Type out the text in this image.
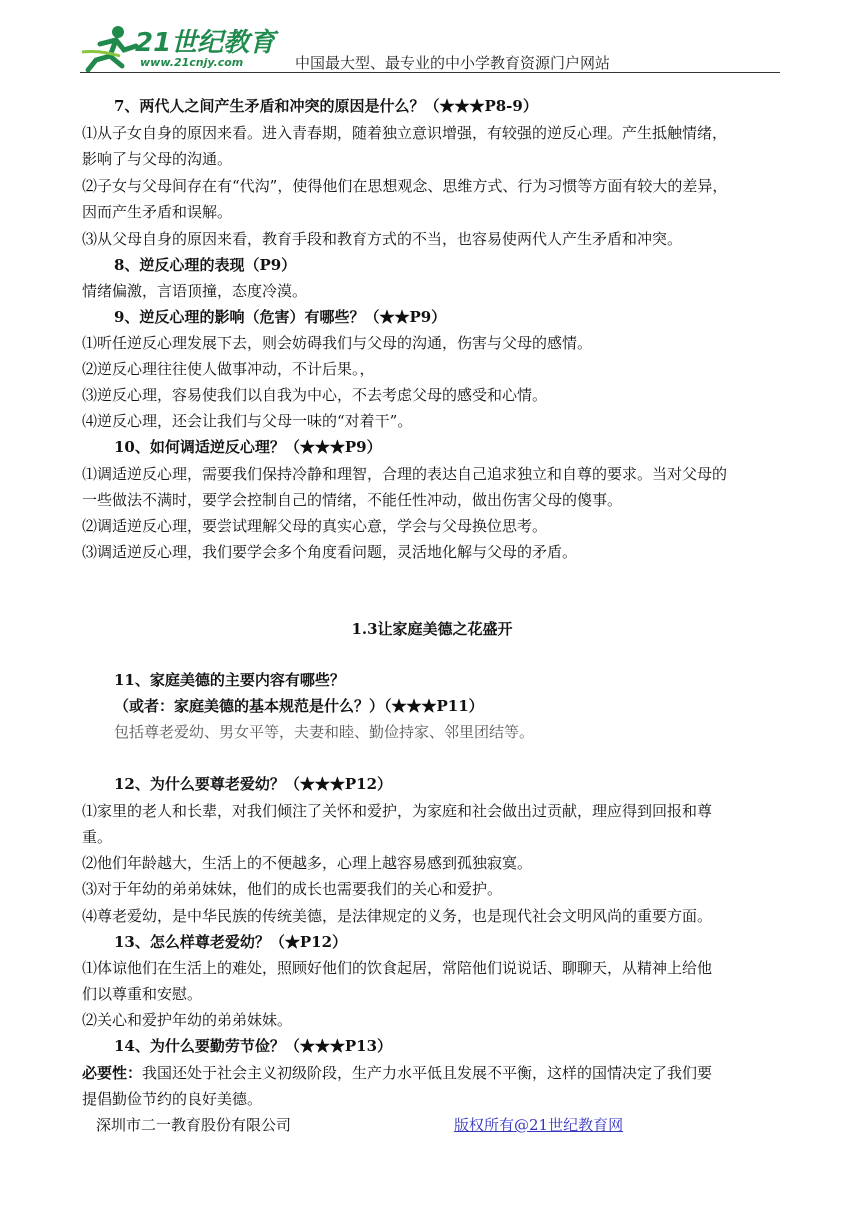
21世纪教育
www.21cnjy.com	中国最大型、最专业的中小学教育资源门户网站
7、两代人之间产生矛盾和冲突的原因是什么？（★★★P8-9）
⑴从子女自身的原因来看。进入青春期，随着独立意识增强，有较强的逆反心理。产生抵触情绪，
影响了与父母的沟通。
⑵子女与父母间存在有“代沟”，使得他们在思想观念、思维方式、行为习惯等方面有较大的差异，
因而产生矛盾和误解。
⑶从父母自身的原因来看，教育手段和教育方式的不当，也容易使两代人产生矛盾和冲突。
8、逆反心理的表现（P9）
情绪偏激，言语顶撞，态度冷漠。
9、逆反心理的影响（危害）有哪些？（★★P9）
⑴听任逆反心理发展下去，则会妨碍我们与父母的沟通，伤害与父母的感情。
⑵逆反心理往往使人做事冲动，不计后果。，
⑶逆反心理，容易使我们以自我为中心，不去考虑父母的感受和心情。
⑷逆反心理，还会让我们与父母一味的“对着干”。
10、如何调适逆反心理？（★★★P9）
⑴调适逆反心理，需要我们保持冷静和理智，合理的表达自己追求独立和自尊的要求。当对父母的
一些做法不满时，要学会控制自己的情绪，不能任性冲动，做出伤害父母的傻事。
⑵调适逆反心理，要尝试理解父母的真实心意，学会与父母换位思考。
⑶调适逆反心理，我们要学会多个角度看问题，灵活地化解与父母的矛盾。
11、家庭美德的主要内容有哪些？
（或者：家庭美德的基本规范是什么？）（★★★P11）
包括尊老爱幼、男女平等，夫妻和睦、勤俭持家、邻里团结等。
12、为什么要尊老爱幼？（★★★P12）
⑴家里的老人和长辈，对我们倾注了关怀和爱护，为家庭和社会做出过贡献，理应得到回报和尊
重。
⑵他们年龄越大，生活上的不便越多，心理上越容易感到孤独寂寞。
⑶对于年幼的弟弟妹妹，他们的成长也需要我们的关心和爱护。
⑷尊老爱幼，是中华民族的传统美德，是法律规定的义务，也是现代社会文明风尚的重要方面。
13、怎么样尊老爱幼？（★P12）
⑴体谅他们在生活上的难处，照顾好他们的饮食起居，常陪他们说说话、聊聊天，从精神上给他
们以尊重和安慰。
⑵关心和爱护年幼的弟弟妹妹。
14、为什么要勤劳节俭？（★★★P13）
必要性：我国还处于社会主义初级阶段，生产力水平低且发展不平衡，这样的国情决定了我们要
提倡勤俭节约的良好美德。
1.3让家庭美德之花盛开
深圳市二一教育股份有限公司	版权所有@21世纪教育网
